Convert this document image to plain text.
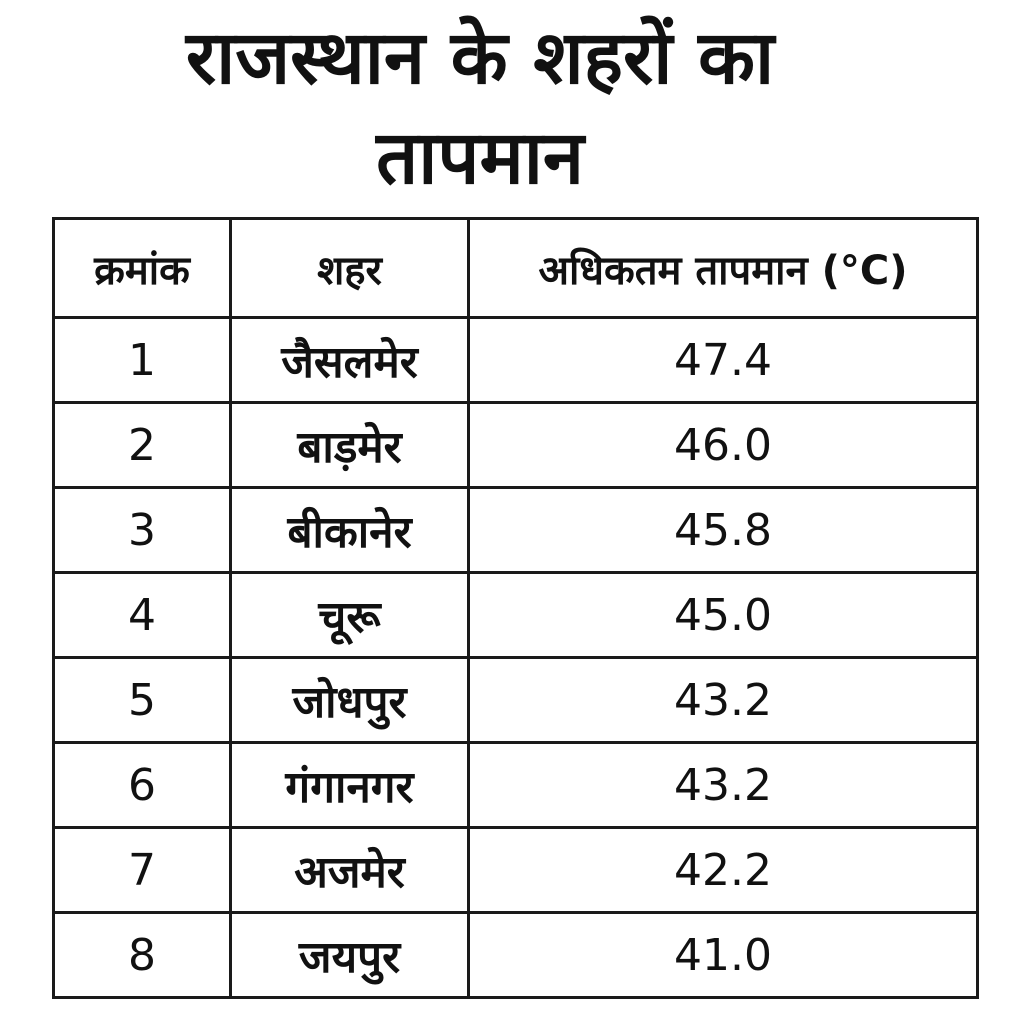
राजस्थान के शहरों का
तापमान
क्रमांक	शहर	अधिकतम तापमान (°C)
1	जैसलमेर	47.4
2	बाड़मेर	46.0
3	बीकानेर	45.8
4	चूरू	45.0
5	जोधपुर	43.2
6	गंगानगर	43.2
7	अजमेर	42.2
8	जयपुर	41.0
